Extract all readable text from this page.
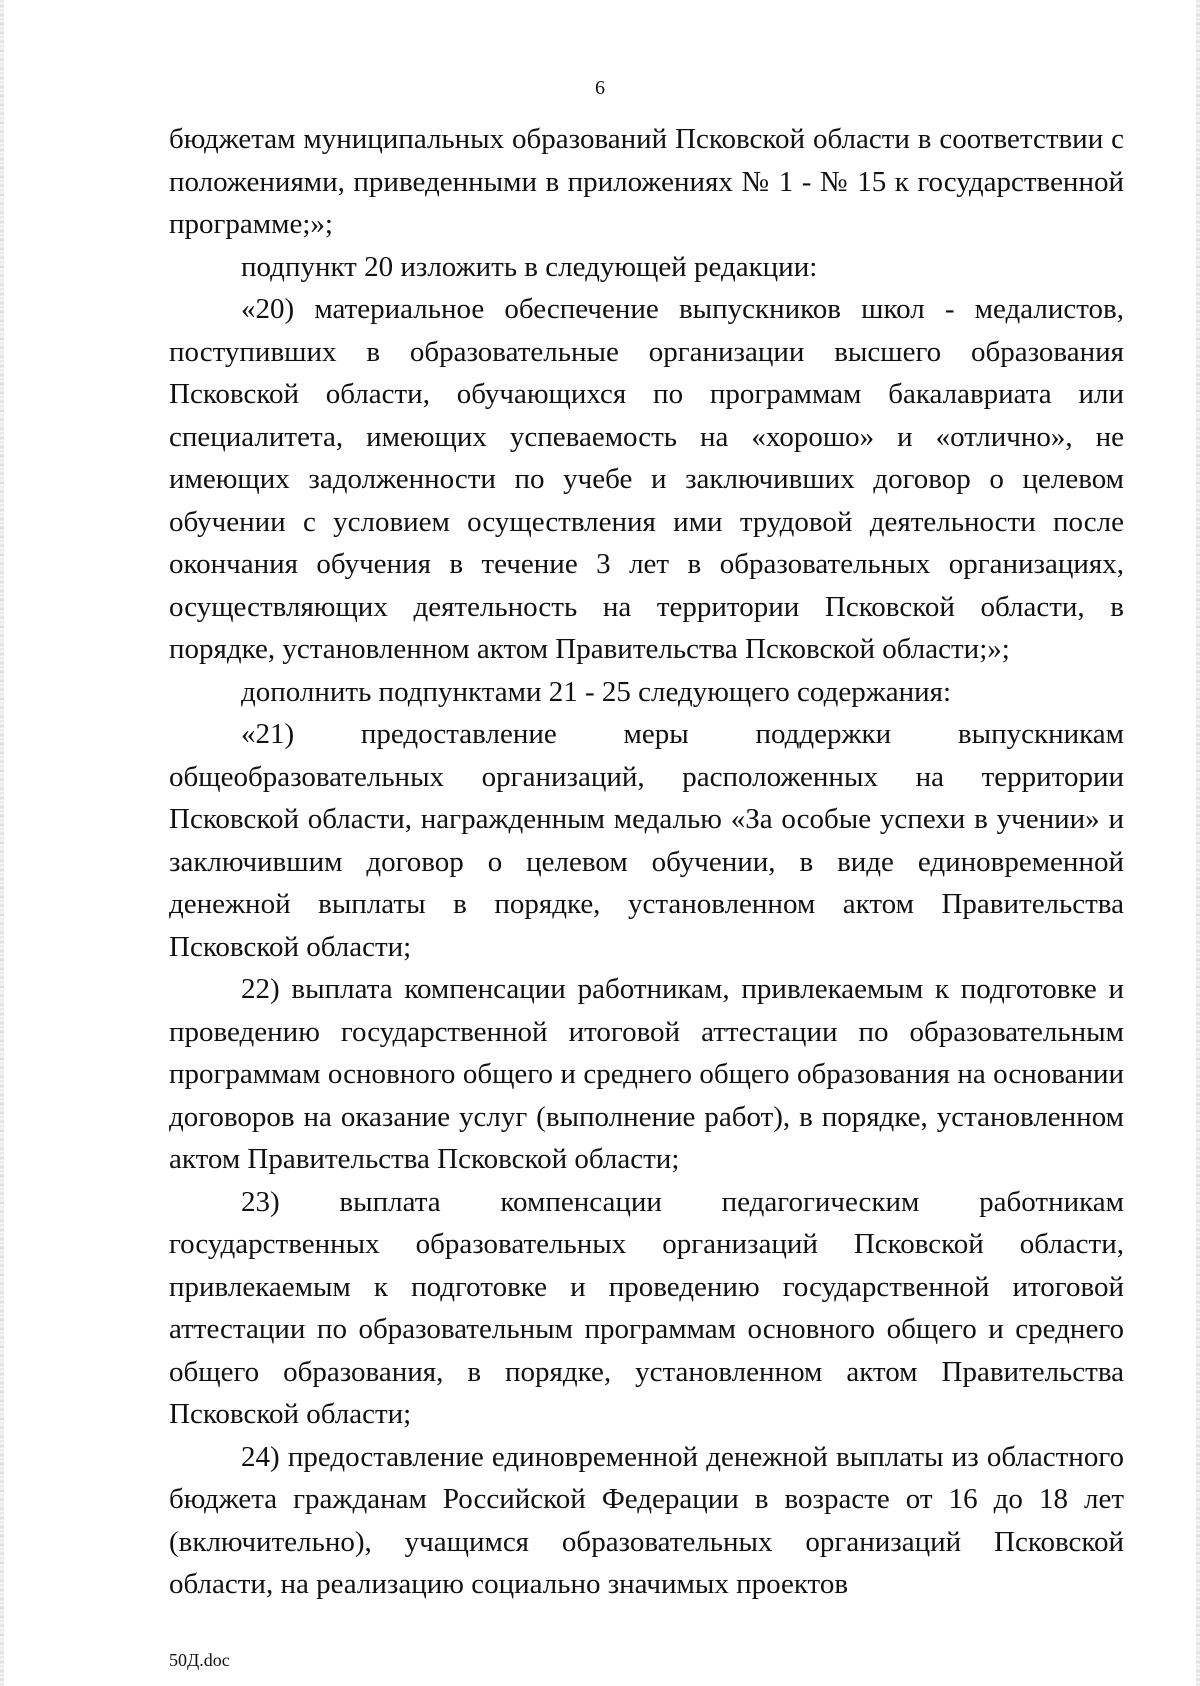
6

бюджетам муниципальных образований Псковской области в соответствии с положениями, приведенными в приложениях № 1 - № 15 к государственной программе;»;

подпункт 20 изложить в следующей редакции:

«20) материальное обеспечение выпускников школ - медалистов, поступивших в образовательные организации высшего образования Псковской области, обучающихся по программам бакалавриата или специалитета, имеющих успеваемость на «хорошо» и «отлично», не имеющих задолженности по учебе и заключивших договор о целевом обучении с условием осуществления ими трудовой деятельности после окончания обучения в течение 3 лет в образовательных организациях, осуществляющих деятельность на территории Псковской области, в порядке, установленном актом Правительства Псковской области;»;

дополнить подпунктами 21 - 25 следующего содержания:

«21) предоставление меры поддержки выпускникам общеобразовательных организаций, расположенных на территории Псковской области, награжденным медалью «За особые успехи в учении» и заключившим договор о целевом обучении, в виде единовременной денежной выплаты в порядке, установленном актом Правительства Псковской области;

22) выплата компенсации работникам, привлекаемым к подготовке и проведению государственной итоговой аттестации по образовательным программам основного общего и среднего общего образования на основании договоров на оказание услуг (выполнение работ), в порядке, установленном актом Правительства Псковской области;

23) выплата компенсации педагогическим работникам государственных образовательных организаций Псковской области, привлекаемым к подготовке и проведению государственной итоговой аттестации по образовательным программам основного общего и среднего общего образования, в порядке, установленном актом Правительства Псковской области;

24) предоставление единовременной денежной выплаты из областного бюджета гражданам Российской Федерации в возрасте от 16 до 18 лет (включительно), учащимся образовательных организаций Псковской области, на реализацию социально значимых проектов

50Д.doc
